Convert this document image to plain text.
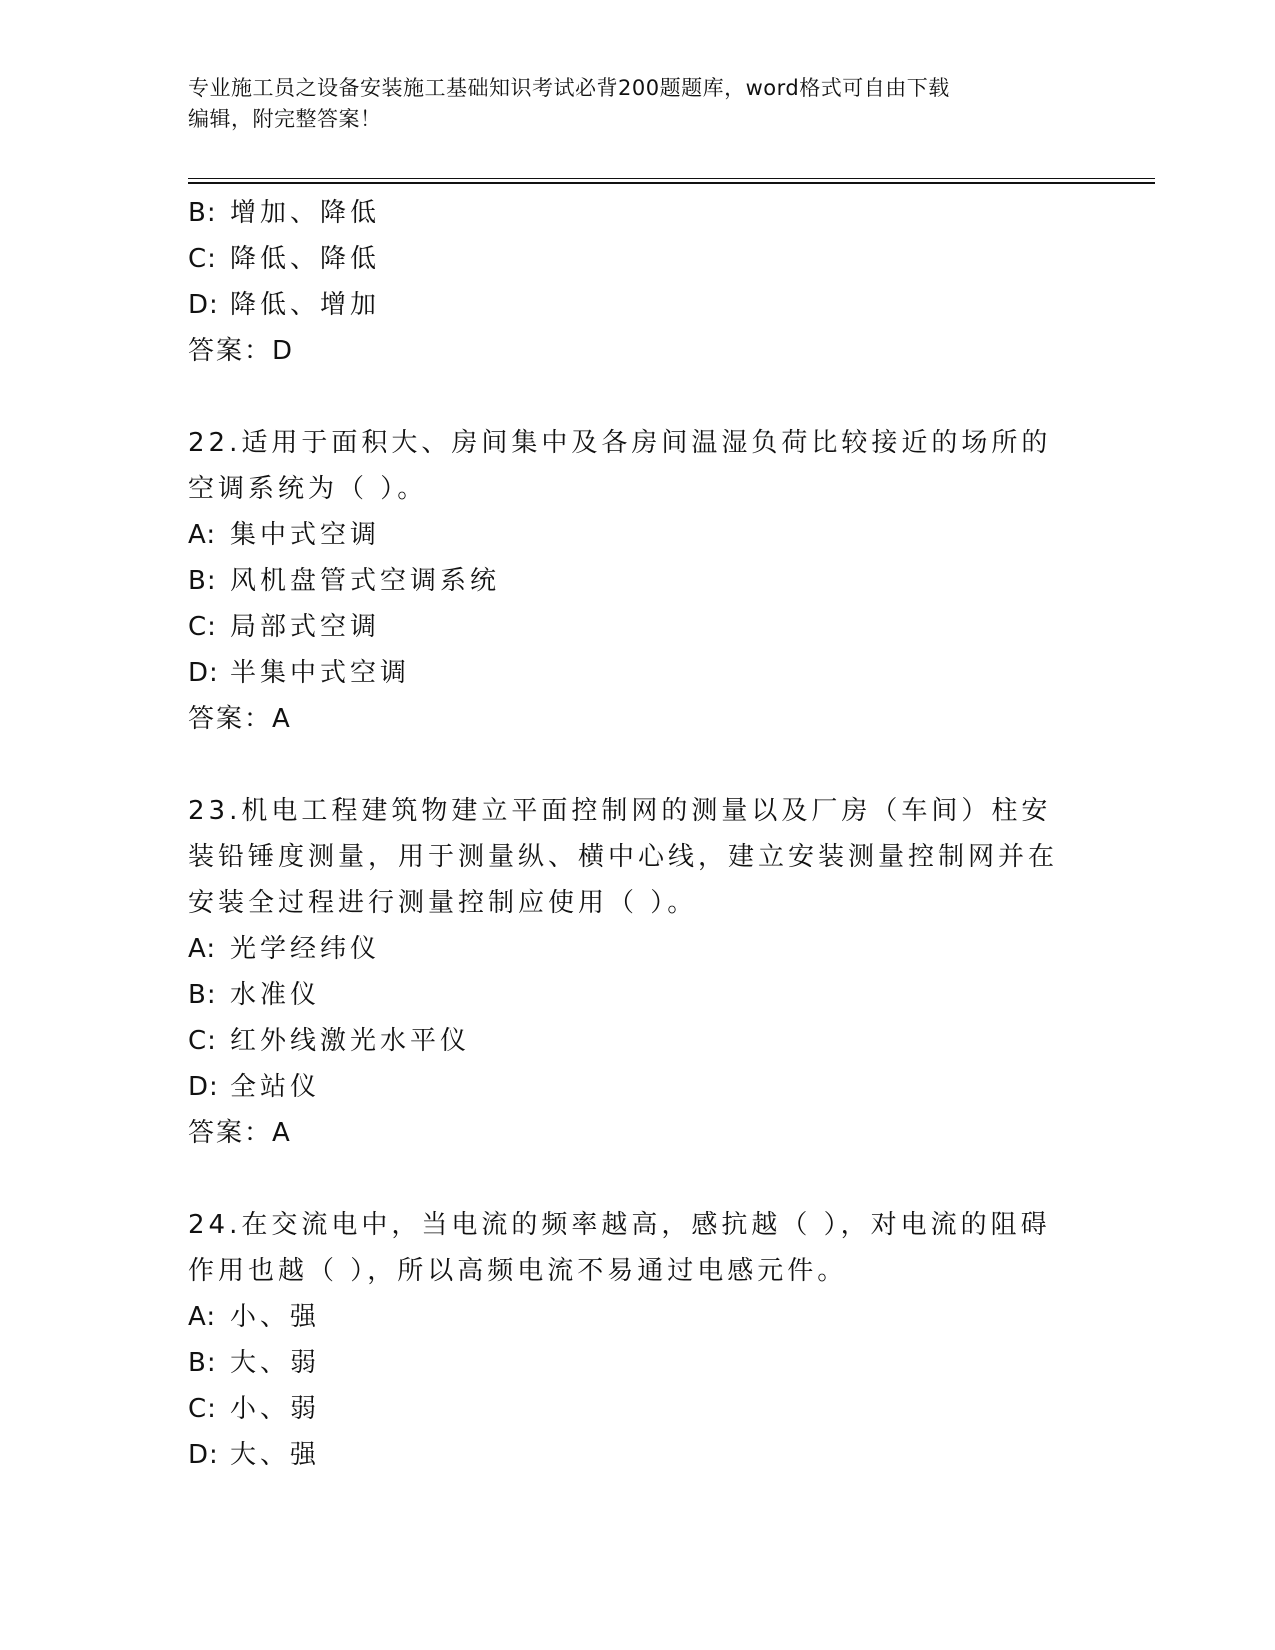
专业施工员之设备安装施工基础知识考试必背200题题库，word格式可自由下载
编辑，附完整答案！
B: 增加、降低
C: 降低、降低
D: 降低、增加
答案：D
22.适用于面积大、房间集中及各房间温湿负荷比较接近的场所的空调系统为（ ）。
A: 集中式空调
B: 风机盘管式空调系统
C: 局部式空调
D: 半集中式空调
答案：A
23.机电工程建筑物建立平面控制网的测量以及厂房（车间）柱安装铅锤度测量，用于测量纵、横中心线，建立安装测量控制网并在安装全过程进行测量控制应使用（ ）。
A: 光学经纬仪
B: 水准仪
C: 红外线激光水平仪
D: 全站仪
答案：A
24.在交流电中，当电流的频率越高，感抗越（ ），对电流的阻碍作用也越（ ），所以高频电流不易通过电感元件。
A: 小、强
B: 大、弱
C: 小、弱
D: 大、强
